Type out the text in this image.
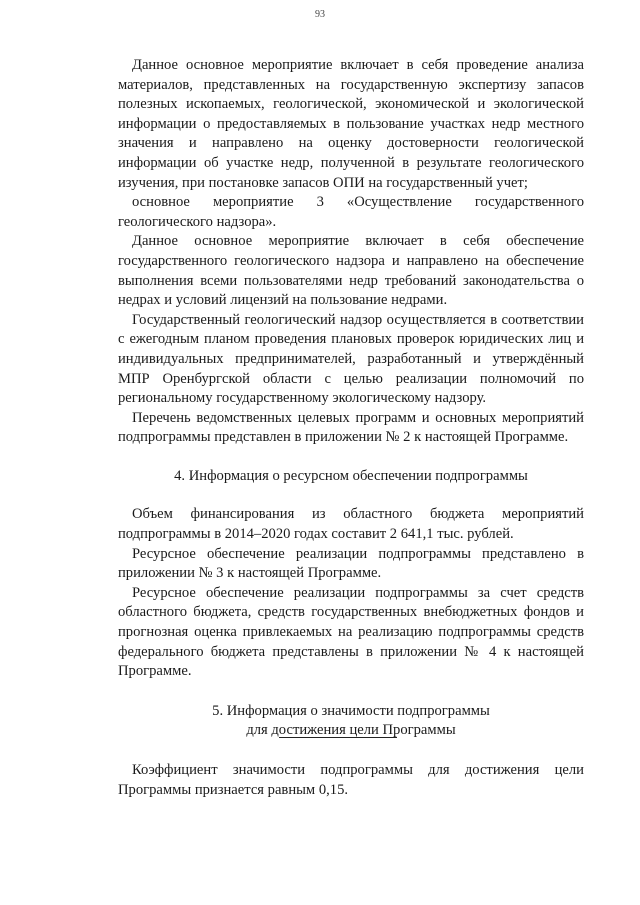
93

Данное основное мероприятие включает в себя проведение анализа материалов, представленных на государственную экспертизу запасов полезных ископаемых, геологической, экономической и экологической информации о предоставляемых в пользование участках недр местного значения и направлено на оценку достоверности геологической информации об участке недр, полученной в результате геологического изучения, при постановке запасов ОПИ на государственный учет;

основное мероприятие 3 «Осуществление государственного геологического надзора».

Данное основное мероприятие включает в себя обеспечение государственного геологического надзора и направлено на обеспечение выполнения всеми пользователями недр требований законодательства о недрах и условий лицензий на пользование недрами.

Государственный геологический надзор осуществляется в соответствии с ежегодным планом проведения плановых проверок юридических лиц и индивидуальных предпринимателей, разработанный и утверждённый МПР Оренбургской области с целью реализации полномочий по региональному государственному экологическому надзору.

Перечень ведомственных целевых программ и основных мероприятий подпрограммы представлен в приложении № 2 к настоящей Программе.

4. Информация о ресурсном обеспечении подпрограммы

Объем финансирования из областного бюджета мероприятий подпрограммы в 2014–2020 годах составит 2 641,1 тыс. рублей.

Ресурсное обеспечение реализации подпрограммы представлено в приложении № 3 к настоящей Программе.

Ресурсное обеспечение реализации подпрограммы за счет средств областного бюджета, средств государственных внебюджетных фондов и прогнозная оценка привлекаемых на реализацию подпрограммы средств федерального бюджета представлены в приложении № 4 к настоящей Программе.

5. Информация о значимости подпрограммы
для достижения цели Программы

Коэффициент значимости подпрограммы для достижения цели Программы признается равным 0,15.
